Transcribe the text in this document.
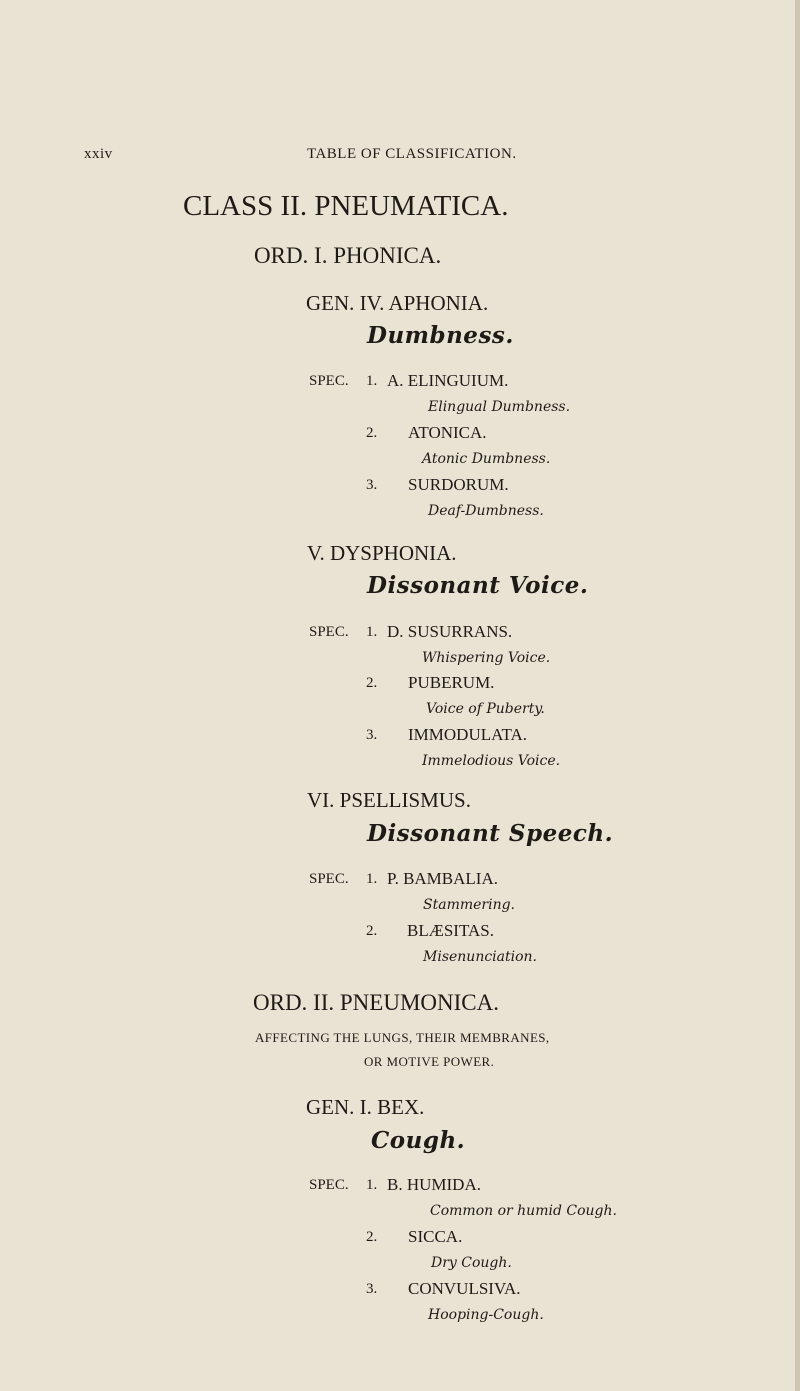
xxiv	TABLE OF CLASSIFICATION.
CLASS II. PNEUMATICA.
ORD. I. PHONICA.
GEN. IV. APHONIA.
Dumbness.
SPEC. 1. A. ELINGUIUM.
Elingual Dumbness.
2. ATONICA.
Atonic Dumbness.
3. SURDORUM.
Deaf-Dumbness.
V. DYSPHONIA.
Dissonant Voice.
SPEC. 1. D. SUSURRANS.
Whispering Voice.
2. PUBERUM.
Voice of Puberty.
3. IMMODULATA.
Immelodious Voice.
VI. PSELLISMUS.
Dissonant Speech.
SPEC. 1. P. BAMBALIA.
Stammering.
2. BLÆSITAS.
Misenunciation.
ORD. II. PNEUMONICA.
AFFECTING THE LUNGS, THEIR MEMBRANES,
OR MOTIVE POWER.
GEN. I. BEX.
Cough.
SPEC. 1. B. HUMIDA.
Common or humid Cough.
2. SICCA.
Dry Cough.
3. CONVULSIVA.
Hooping-Cough.
